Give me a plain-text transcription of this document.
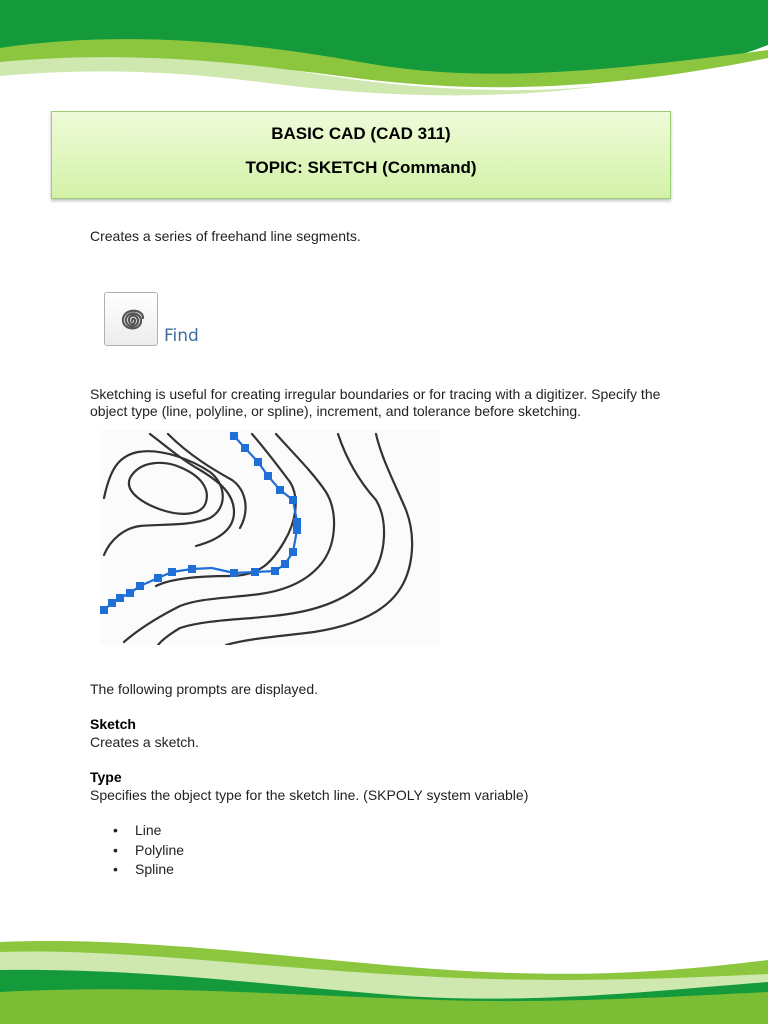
BASIC CAD (CAD 311)
TOPIC: SKETCH (Command)
Creates a series of freehand line segments.
Find
Sketching is useful for creating irregular boundaries or for tracing with a digitizer. Specify the object type (line, polyline, or spline), increment, and tolerance before sketching.
The following prompts are displayed.
Sketch
Creates a sketch.
Type
Specifies the object type for the sketch line. (SKPOLY system variable)
• Line
• Polyline
• Spline
